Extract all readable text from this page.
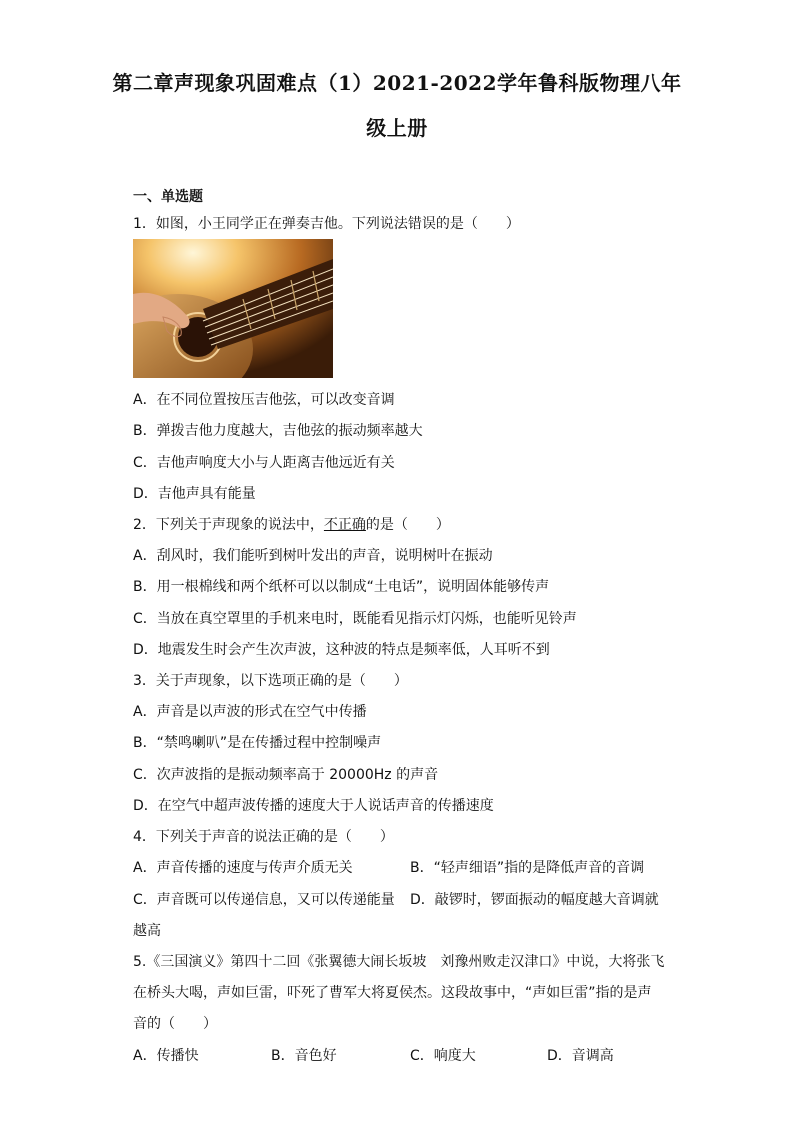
第二章声现象巩固难点（1）2021-2022学年鲁科版物理八年
级上册
一、单选题
1．如图，小王同学正在弹奏吉他。下列说法错误的是（　　）
A．在不同位置按压吉他弦，可以改变音调
B．弹拨吉他力度越大，吉他弦的振动频率越大
C．吉他声响度大小与人距离吉他远近有关
D．吉他声具有能量
2．下列关于声现象的说法中，不正确的是（　　）
A．刮风时，我们能听到树叶发出的声音，说明树叶在振动
B．用一根棉线和两个纸杯可以以制成“土电话”，说明固体能够传声
C．当放在真空罩里的手机来电时，既能看见指示灯闪烁，也能听见铃声
D．地震发生时会产生次声波，这种波的特点是频率低，人耳听不到
3．关于声现象，以下选项正确的是（　　）
A．声音是以声波的形式在空气中传播
B．“禁鸣喇叭”是在传播过程中控制噪声
C．次声波指的是振动频率高于 20000Hz 的声音
D．在空气中超声波传播的速度大于人说话声音的传播速度
4．下列关于声音的说法正确的是（　　）
A．声音传播的速度与传声介质无关	B．“轻声细语”指的是降低声音的音调
C．声音既可以传递信息，又可以传递能量 D．敲锣时，锣面振动的幅度越大音调就
越高
5.《三国演义》第四十二回《张翼德大闹长坂坡　刘豫州败走汉津口》中说，大将张飞
在桥头大喝，声如巨雷，吓死了曹军大将夏侯杰。这段故事中，“声如巨雷”指的是声
音的（　　）
A．传播快	B．音色好	C．响度大	D．音调高
